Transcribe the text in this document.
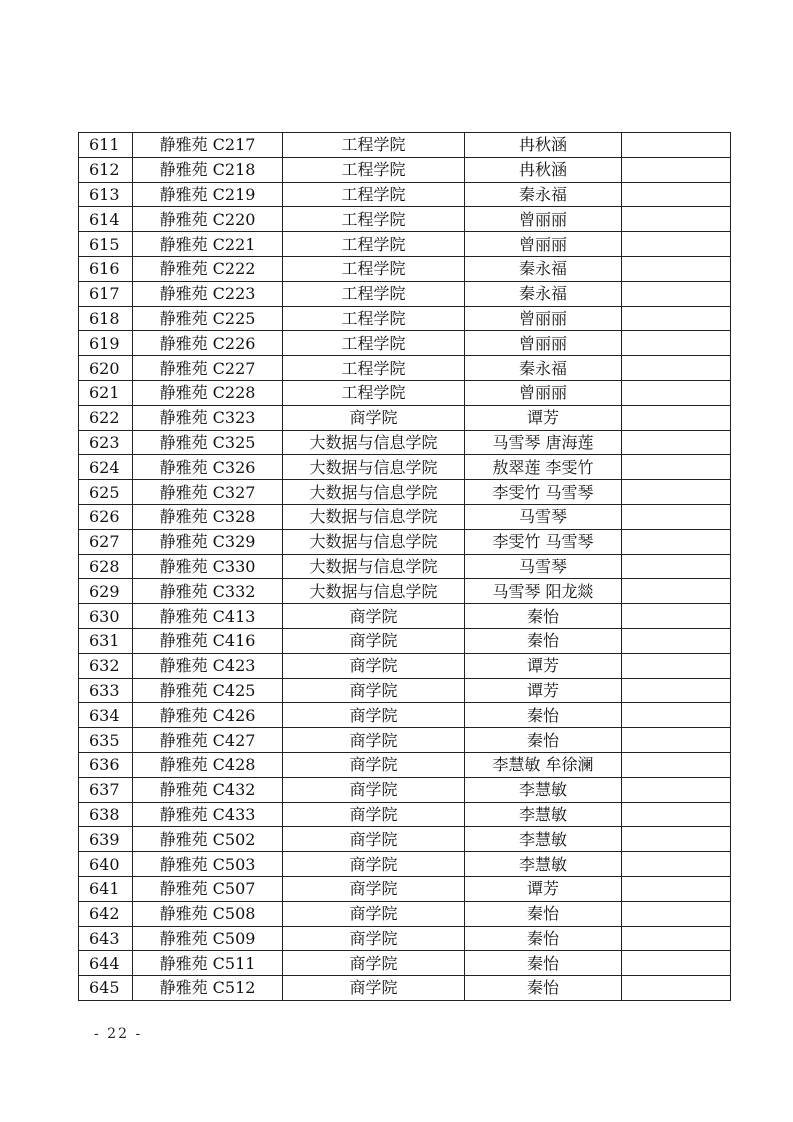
611	静雅苑 C217	工程学院	冉秋涵	
612	静雅苑 C218	工程学院	冉秋涵	
613	静雅苑 C219	工程学院	秦永福	
614	静雅苑 C220	工程学院	曾丽丽	
615	静雅苑 C221	工程学院	曾丽丽	
616	静雅苑 C222	工程学院	秦永福	
617	静雅苑 C223	工程学院	秦永福	
618	静雅苑 C225	工程学院	曾丽丽	
619	静雅苑 C226	工程学院	曾丽丽	
620	静雅苑 C227	工程学院	秦永福	
621	静雅苑 C228	工程学院	曾丽丽	
622	静雅苑 C323	商学院	谭芳	
623	静雅苑 C325	大数据与信息学院	马雪琴 唐海莲	
624	静雅苑 C326	大数据与信息学院	敖翠莲 李雯竹	
625	静雅苑 C327	大数据与信息学院	李雯竹 马雪琴	
626	静雅苑 C328	大数据与信息学院	马雪琴	
627	静雅苑 C329	大数据与信息学院	李雯竹 马雪琴	
628	静雅苑 C330	大数据与信息学院	马雪琴	
629	静雅苑 C332	大数据与信息学院	马雪琴 阳龙燚	
630	静雅苑 C413	商学院	秦怡	
631	静雅苑 C416	商学院	秦怡	
632	静雅苑 C423	商学院	谭芳	
633	静雅苑 C425	商学院	谭芳	
634	静雅苑 C426	商学院	秦怡	
635	静雅苑 C427	商学院	秦怡	
636	静雅苑 C428	商学院	李慧敏 牟徐澜	
637	静雅苑 C432	商学院	李慧敏	
638	静雅苑 C433	商学院	李慧敏	
639	静雅苑 C502	商学院	李慧敏	
640	静雅苑 C503	商学院	李慧敏	
641	静雅苑 C507	商学院	谭芳	
642	静雅苑 C508	商学院	秦怡	
643	静雅苑 C509	商学院	秦怡	
644	静雅苑 C511	商学院	秦怡	
645	静雅苑 C512	商学院	秦怡	
- 22 -
